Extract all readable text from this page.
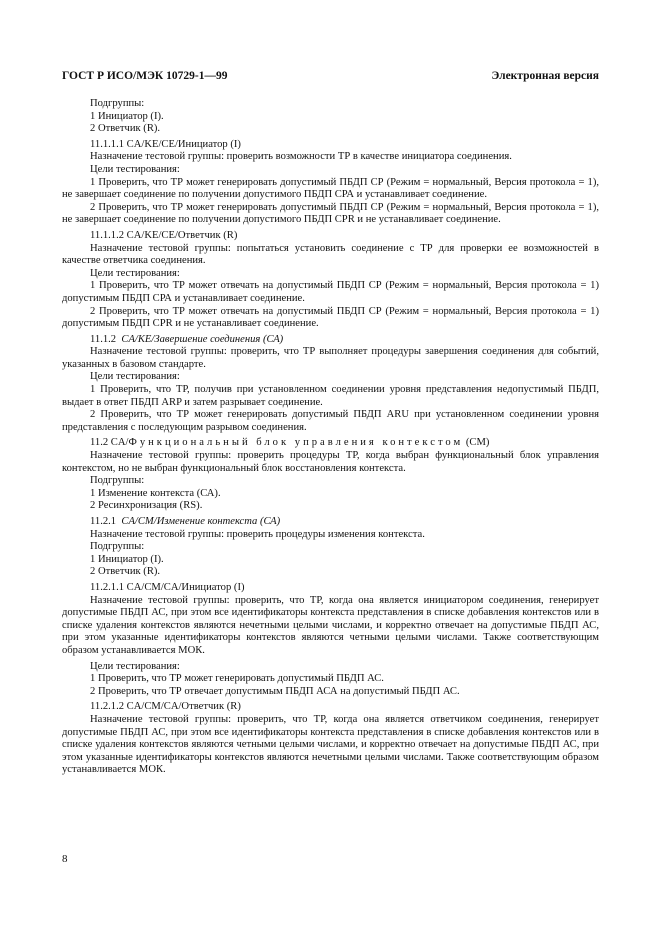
ГОСТ Р ИСО/МЭК 10729-1—99	Электронная версия

Подгруппы:

1 Инициатор (I).

2 Ответчик (R).

11.1.1.1 CA/KE/CE/Инициатор (I)

Назначение тестовой группы: проверить возможности ТР в качестве инициатора соединения.

Цели тестирования:

1 Проверить, что ТР может генерировать допустимый ПБДП СР (Режим = нормальный, Версия протокола = 1), не завершает соединение по получении допустимого ПБДП СРА и устанавливает соединение.

2 Проверить, что ТР может генерировать допустимый ПБДП СР (Режим = нормальный, Версия протокола = 1), не завершает соединение по получении допустимого ПБДП СPR и не устанавливает соединение.

11.1.1.2 CA/KE/CE/Ответчик (R)

Назначение тестовой группы: попытаться установить соединение с ТР для проверки ее возможностей в качестве ответчика соединения.

Цели тестирования:

1 Проверить, что ТР может отвечать на допустимый ПБДП СР (Режим = нормальный, Версия протокола = 1) допустимым ПБДП СРА и устанавливает соединение.

2 Проверить, что ТР может отвечать на допустимый ПБДП СР (Режим = нормальный, Версия протокола = 1) допустимым ПБДП CPR и не устанавливает соединение.

11.1.2 CA/KE/Завершение соединения (СА)

Назначение тестовой группы: проверить, что ТР выполняет процедуры завершения соединения для событий, указанных в базовом стандарте.

Цели тестирования:

1 Проверить, что ТР, получив при установленном соединении уровня представления недопустимый ПБДП, выдает в ответ ПБДП ARP и затем разрывает соединение.

2 Проверить, что ТР может генерировать допустимый ПБДП ARU при установленном соединении уровня представления с последующим разрывом соединения.

11.2 CA/Функциональный блок управления контекстом (СМ)

Назначение тестовой группы: проверить процедуры ТР, когда выбран функциональный блок управления контекстом, но не выбран функциональный блок восстановления контекста.

Подгруппы:

1 Изменение контекста (СА).

2 Ресинхронизация (RS).

11.2.1 CA/CM/Изменение контекста (СА)

Назначение тестовой группы: проверить процедуры изменения контекста.

Подгруппы:

1 Инициатор (I).

2 Ответчик (R).

11.2.1.1 CA/CM/CA/Инициатор (I)

Назначение тестовой группы: проверить, что ТР, когда она является инициатором соединения, генерирует допустимые ПБДП АС, при этом все идентификаторы контекста представления в списке добавления контекстов или в списке удаления контекстов являются нечетными целыми числами, и корректно отвечает на допустимые ПБДП АС, при этом указанные идентификаторы контекстов являются четными целыми числами. Также соответствующим образом устанавливается МОК.

Цели тестирования:

1 Проверить, что ТР может генерировать допустимый ПБДП АС.

2 Проверить, что ТР отвечает допустимым ПБДП АСА на допустимый ПБДП АС.

11.2.1.2 CA/CM/CA/Ответчик (R)

Назначение тестовой группы: проверить, что ТР, когда она является ответчиком соединения, генерирует допустимые ПБДП АС, при этом все идентификаторы контекста представления в списке добавления контекстов или в списке удаления контекстов являются четными целыми числами, и корректно отвечает на допустимые ПБДП АС, при этом указанные идентификаторы контекстов являются нечетными целыми числами. Также соответствующим образом устанавливается МОК.

8
